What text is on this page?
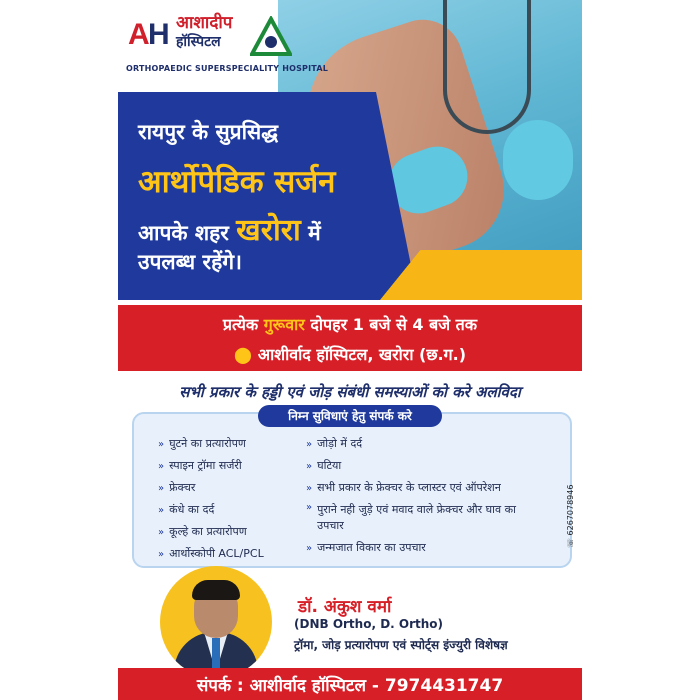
A
H आशादीप
हॉस्पिटल
ORTHOPAEDIC SUPERSPECIALITY HOSPITAL
रायपुर के सुप्रसिद्ध
आर्थोपेडिक सर्जन
आपके शहर खरोरा में
उपलब्ध रहेंगे।
प्रत्येक गुरूवार दोपहर 1 बजे से 4 बजे तक
⬤ आशीर्वाद हॉस्पिटल, खरोरा (छ.ग.)
सभी प्रकार के हड्डी एवं जोड़ संबंधी समस्याओं को करे अलविदा
निम्न सुविधाएं हेतु संपर्क करे
» घुटने का प्रत्यारोपण
» स्पाइन ट्रॉमा सर्जरी
» फ्रेक्चर
» कंधे का दर्द
» कूल्हे का प्रत्यारोपण
» आर्थोस्कोपी ACL/PCL
» जोड़ो में दर्द
» घटिया
» सभी प्रकार के फ्रेक्चर के प्लास्टर एवं ऑपरेशन
» पुराने नही जुड़े एवं मवाद वाले फ्रेक्चर और घाव का उपचार
» जन्मजात विकार का उपचार	☏ 6267078946
डॉ. अंकुश वर्मा
(DNB Ortho, D. Ortho)
ट्रॉमा, जोड़ प्रत्यारोपण एवं स्पोर्ट्स इंज्युरी विशेषज्ञ
संपर्क : आशीर्वाद हॉस्पिटल - 7974431747
